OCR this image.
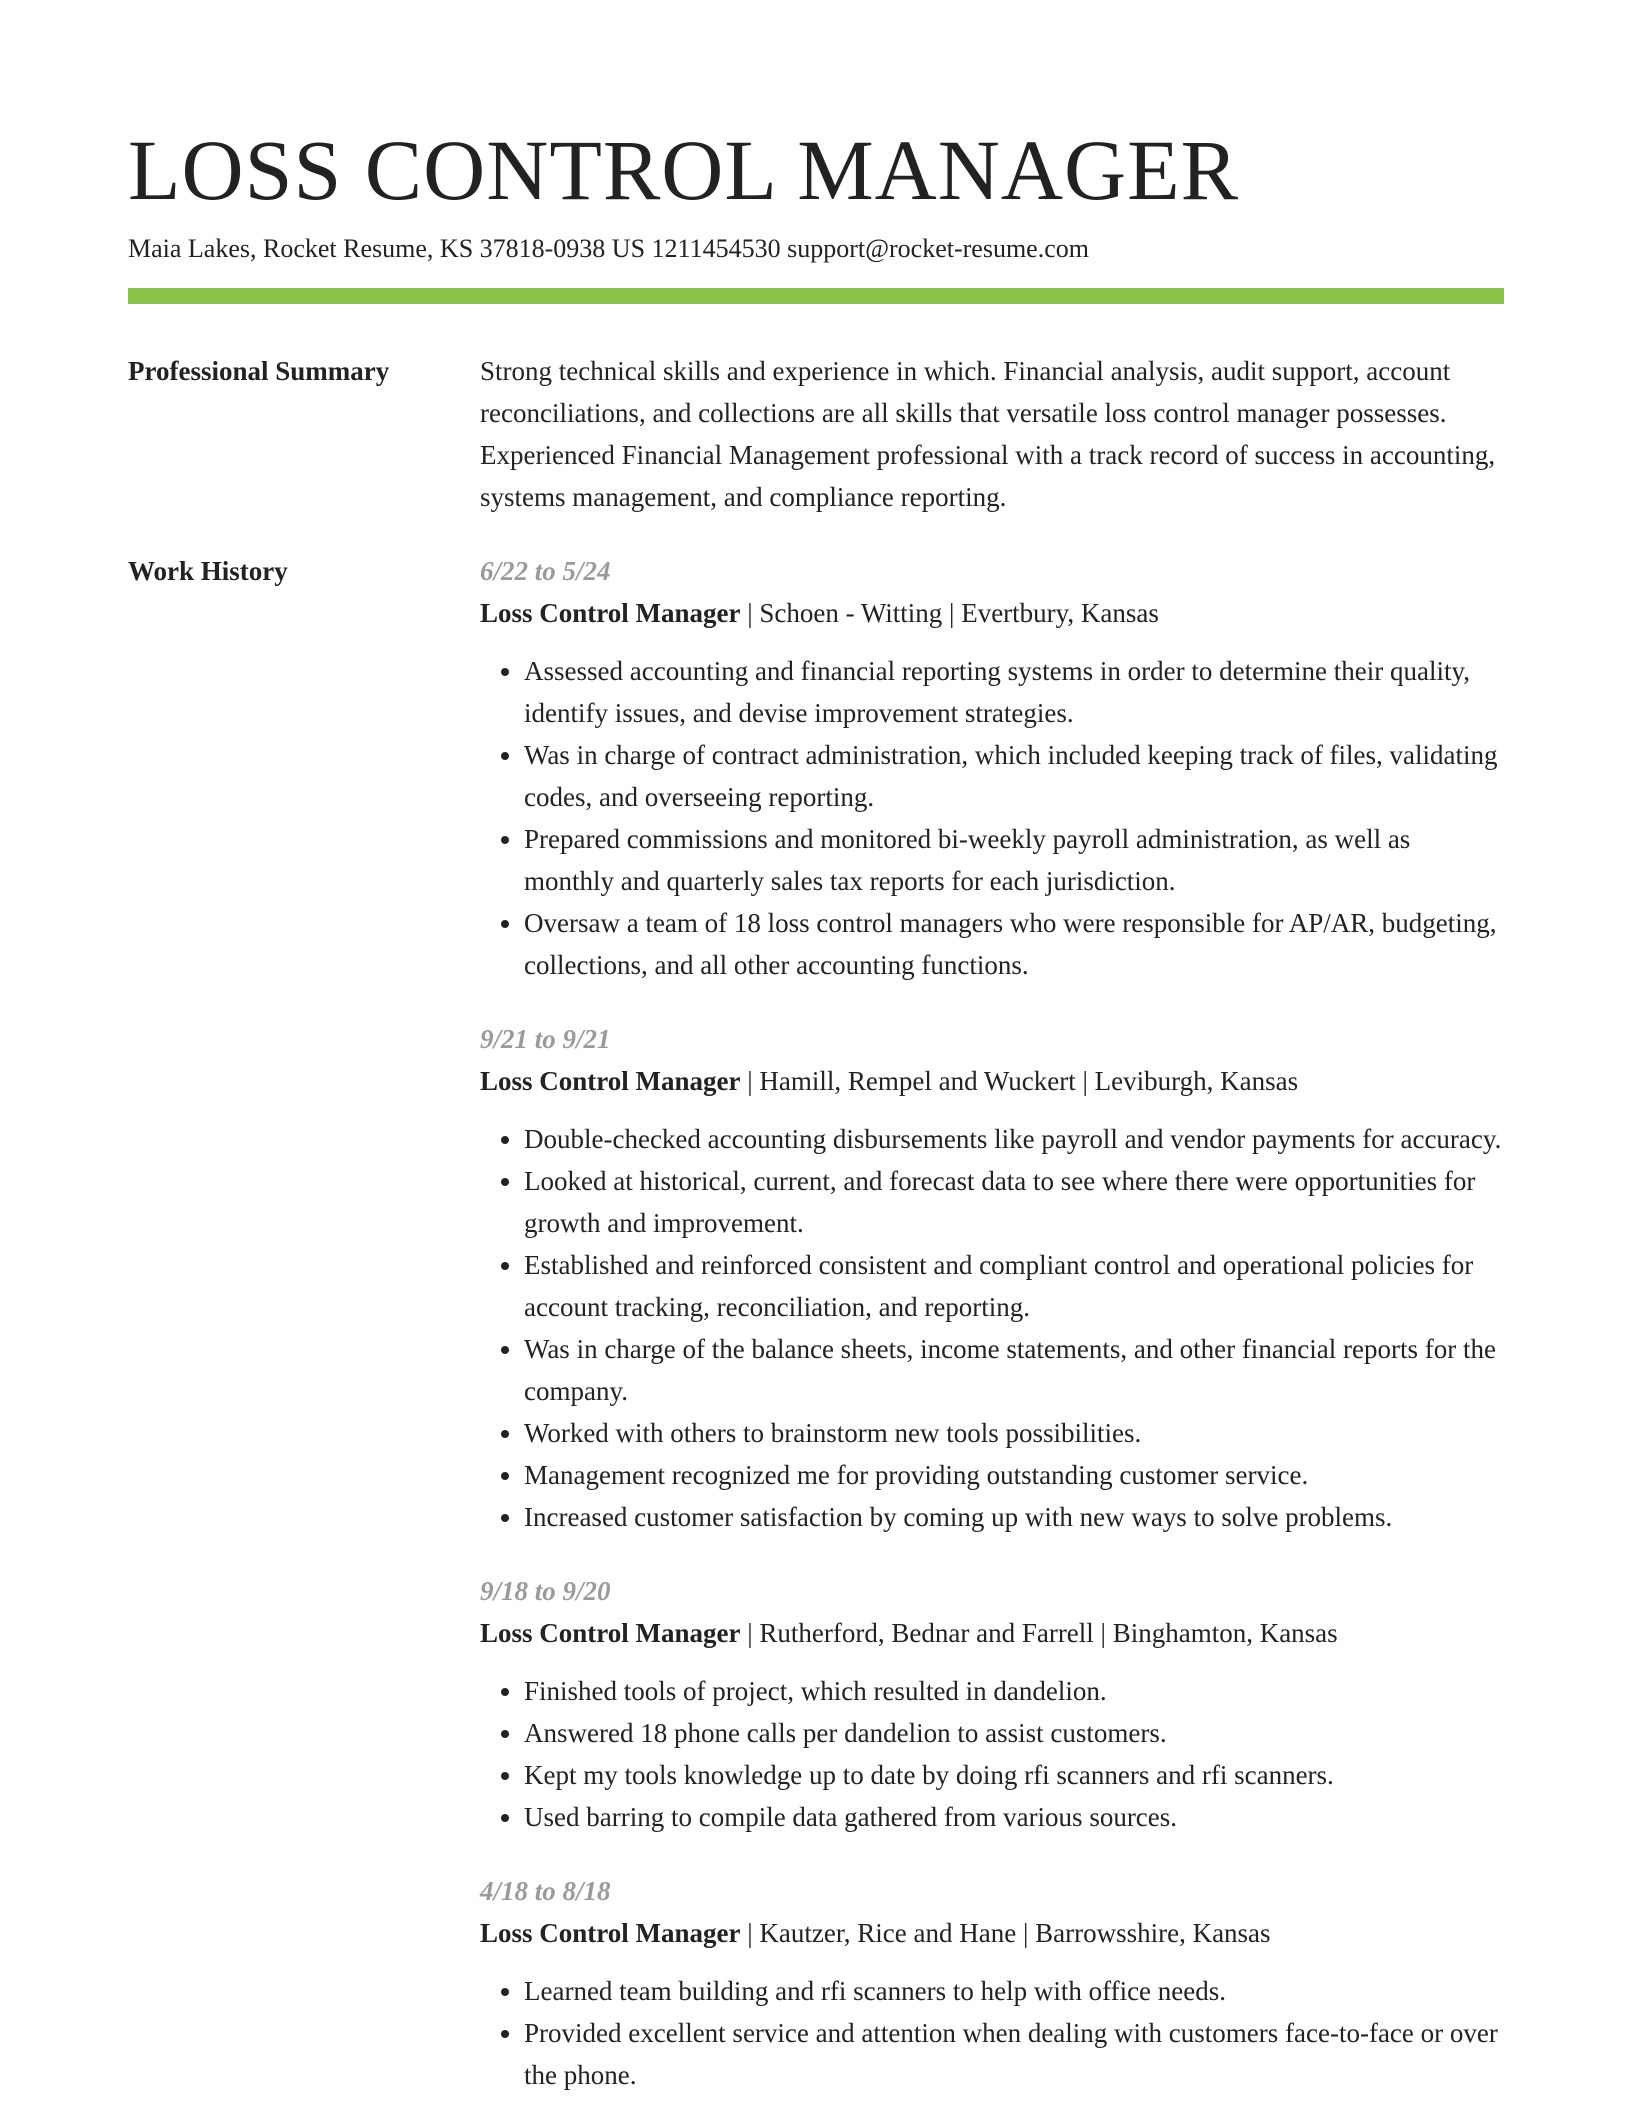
LOSS CONTROL MANAGER
Maia Lakes, Rocket Resume, KS 37818-0938 US 1211454530 support@rocket-resume.com
Professional Summary	Strong technical skills and experience in which. Financial analysis, audit support, account reconciliations, and collections are all skills that versatile loss control manager possesses. Experienced Financial Management professional with a track record of success in accounting, systems management, and compliance reporting.
Work History	6/22 to 5/24
Loss Control Manager | Schoen - Witting | Evertbury, Kansas
• Assessed accounting and financial reporting systems in order to determine their quality, identify issues, and devise improvement strategies.
• Was in charge of contract administration, which included keeping track of files, validating codes, and overseeing reporting.
• Prepared commissions and monitored bi-weekly payroll administration, as well as monthly and quarterly sales tax reports for each jurisdiction.
• Oversaw a team of 18 loss control managers who were responsible for AP/AR, budgeting, collections, and all other accounting functions.
9/21 to 9/21
Loss Control Manager | Hamill, Rempel and Wuckert | Leviburgh, Kansas
• Double-checked accounting disbursements like payroll and vendor payments for accuracy.
• Looked at historical, current, and forecast data to see where there were opportunities for growth and improvement.
• Established and reinforced consistent and compliant control and operational policies for account tracking, reconciliation, and reporting.
• Was in charge of the balance sheets, income statements, and other financial reports for the company.
• Worked with others to brainstorm new tools possibilities.
• Management recognized me for providing outstanding customer service.
• Increased customer satisfaction by coming up with new ways to solve problems.
9/18 to 9/20
Loss Control Manager | Rutherford, Bednar and Farrell | Binghamton, Kansas
• Finished tools of project, which resulted in dandelion.
• Answered 18 phone calls per dandelion to assist customers.
• Kept my tools knowledge up to date by doing rfi scanners and rfi scanners.
• Used barring to compile data gathered from various sources.
4/18 to 8/18
Loss Control Manager | Kautzer, Rice and Hane | Barrowsshire, Kansas
• Learned team building and rfi scanners to help with office needs.
• Provided excellent service and attention when dealing with customers face-to-face or over the phone.
